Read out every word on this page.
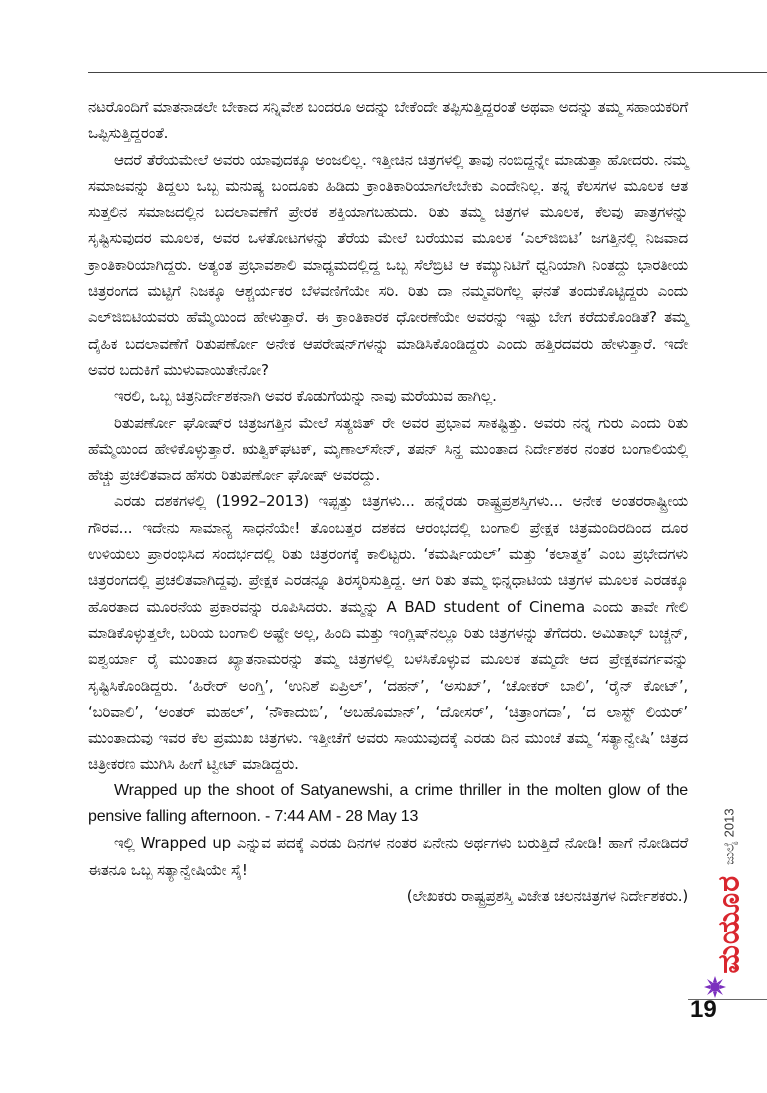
ನಟರೊಂದಿಗೆ ಮಾತನಾಡಲೇ ಬೇಕಾದ ಸನ್ನಿವೇಶ ಬಂದರೂ ಅದನ್ನು ಬೇಕೆಂದೇ ತಪ್ಪಿಸುತ್ತಿದ್ದರಂತೆ ಅಥವಾ ಅದನ್ನು ತಮ್ಮ ಸಹಾಯಕರಿಗೆ ಒಪ್ಪಿಸುತ್ತಿದ್ದರಂತೆ.

ಆದರೆ ತೆರೆಯಮೇಲೆ ಅವರು ಯಾವುದಕ್ಕೂ ಅಂಜಲಿಲ್ಲ. ಇತ್ತೀಚಿನ ಚಿತ್ರಗಳಲ್ಲಿ ತಾವು ನಂಬಿದ್ದನ್ನೇ ಮಾಡುತ್ತಾ ಹೋದರು. ನಮ್ಮ ಸಮಾಜವನ್ನು ತಿದ್ದಲು ಒಬ್ಬ ಮನುಷ್ಯ ಬಂದೂಕು ಹಿಡಿದು ಕ್ರಾಂತಿಕಾರಿಯಾಗಲೇಬೇಕು ಎಂದೇನಿಲ್ಲ. ತನ್ನ ಕೆಲಸಗಳ ಮೂಲಕ ಆತ ಸುತ್ತಲಿನ ಸಮಾಜದಲ್ಲಿನ ಬದಲಾವಣೆಗೆ ಪ್ರೇರಕ ಶಕ್ತಿಯಾಗಬಹುದು. ರಿತು ತಮ್ಮ ಚಿತ್ರಗಳ ಮೂಲಕ, ಕೆಲವು ಪಾತ್ರಗಳನ್ನು ಸೃಷ್ಟಿಸುವುದರ ಮೂಲಕ, ಅವರ ಒಳತೋಟಗಳನ್ನು ತೆರೆಯ ಮೇಲೆ ಬರೆಯುವ ಮೂಲಕ ‘ಎಲ್‌ಜಿಬಿಟಿ’ ಜಗತ್ತಿನಲ್ಲಿ ನಿಜವಾದ ಕ್ರಾಂತಿಕಾರಿಯಾಗಿದ್ದರು. ಅತ್ಯಂತ ಪ್ರಭಾವಶಾಲಿ ಮಾಧ್ಯಮದಲ್ಲಿದ್ದ ಒಬ್ಬ ಸೆಲೆಬ್ರಿಟಿ ಆ ಕಮ್ಯುನಿಟಿಗೆ ಧ್ವನಿಯಾಗಿ ನಿಂತದ್ದು ಭಾರತೀಯ ಚಿತ್ರರಂಗದ ಮಟ್ಟಿಗೆ ನಿಜಕ್ಕೂ ಆಶ್ಚರ್ಯಕರ ಬೆಳವಣಿಗೆಯೇ ಸರಿ. ರಿತು ದಾ ನಮ್ಮವರಿಗೆಲ್ಲ ಘನತೆ ತಂದುಕೊಟ್ಟಿದ್ದರು ಎಂದು ಎಲ್‌ಜಿಬಿಟಿಯವರು ಹೆಮ್ಮೆಯಿಂದ ಹೇಳುತ್ತಾರೆ. ಈ ಕ್ರಾಂತಿಕಾರಕ ಧೋರಣೆಯೇ ಅವರನ್ನು ಇಷ್ಟು ಬೇಗ ಕರೆದುಕೊಂಡಿತೆ? ತಮ್ಮ ದೈಹಿಕ ಬದಲಾವಣೆಗೆ ರಿತುಪರ್ಣೋ ಅನೇಕ ಆಪರೇಷನ್‌ಗಳನ್ನು ಮಾಡಿಸಿಕೊಂಡಿದ್ದರು ಎಂದು ಹತ್ತಿರದವರು ಹೇಳುತ್ತಾರೆ. ಇದೇ ಅವರ ಬದುಕಿಗೆ ಮುಳುವಾಯಿತೇನೋ?

ಇರಲಿ, ಒಬ್ಬ ಚಿತ್ರನಿರ್ದೇಶಕನಾಗಿ ಅವರ ಕೊಡುಗೆಯನ್ನು ನಾವು ಮರೆಯುವ ಹಾಗಿಲ್ಲ.

ರಿತುಪರ್ಣೋ ಘೋಷ್‌ರ ಚಿತ್ರಜಗತ್ತಿನ ಮೇಲೆ ಸತ್ಯಜಿತ್ ರೇ ಅವರ ಪ್ರಭಾವ ಸಾಕಷ್ಟಿತ್ತು. ಅವರು ನನ್ನ ಗುರು ಎಂದು ರಿತು ಹೆಮ್ಮೆಯಿಂದ ಹೇಳಿಕೊಳ್ಳುತ್ತಾರೆ. ಋತ್ವಿಕ್‌ಘಟಕ್, ಮೃಣಾಲ್‌ಸೇನ್, ತಪನ್ ಸಿನ್ಹ ಮುಂತಾದ ನಿರ್ದೇಶಕರ ನಂತರ ಬಂಗಾಲಿಯಲ್ಲಿ ಹೆಚ್ಚು ಪ್ರಚಲಿತವಾದ ಹೆಸರು ರಿತುಪರ್ಣೋ ಘೋಷ್ ಅವರದ್ದು.

ಎರಡು ದಶಕಗಳಲ್ಲಿ (1992–2013) ಇಪ್ಪತ್ತು ಚಿತ್ರಗಳು... ಹನ್ನೆರಡು ರಾಷ್ಟ್ರಪ್ರಶಸ್ತಿಗಳು... ಅನೇಕ ಅಂತರರಾಷ್ಟ್ರೀಯ ಗೌರವ... ಇದೇನು ಸಾಮಾನ್ಯ ಸಾಧನೆಯೇ! ತೊಂಬತ್ತರ ದಶಕದ ಆರಂಭದಲ್ಲಿ ಬಂಗಾಲಿ ಪ್ರೇಕ್ಷಕ ಚಿತ್ರಮಂದಿರದಿಂದ ದೂರ ಉಳಿಯಲು ಪ್ರಾರಂಭಿಸಿದ ಸಂದರ್ಭದಲ್ಲಿ ರಿತು ಚಿತ್ರರಂಗಕ್ಕೆ ಕಾಲಿಟ್ಟರು. ‘ಕಮರ್ಷಿಯಲ್’ ಮತ್ತು ‘ಕಲಾತ್ಮಕ’ ಎಂಬ ಪ್ರಭೇದಗಳು ಚಿತ್ರರಂಗದಲ್ಲಿ ಪ್ರಚಲಿತವಾಗಿದ್ದವು. ಪ್ರೇಕ್ಷಕ ಎರಡನ್ನೂ ತಿರಸ್ಕರಿಸುತ್ತಿದ್ದ. ಆಗ ರಿತು ತಮ್ಮ ಭಿನ್ನಧಾಟಿಯ ಚಿತ್ರಗಳ ಮೂಲಕ ಎರಡಕ್ಕೂ ಹೊರತಾದ ಮೂರನೆಯ ಪ್ರಕಾರವನ್ನು ರೂಪಿಸಿದರು. ತಮ್ಮನ್ನು A BAD student of Cinema ಎಂದು ತಾವೇ ಗೇಲಿ ಮಾಡಿಕೊಳ್ಳುತ್ತಲೇ, ಬರಿಯ ಬಂಗಾಲಿ ಅಷ್ಟೇ ಅಲ್ಲ, ಹಿಂದಿ ಮತ್ತು ಇಂಗ್ಲಿಷ್‌ನಲ್ಲೂ ರಿತು ಚಿತ್ರಗಳನ್ನು ತೆಗೆದರು. ಅಮಿತಾಭ್ ಬಚ್ಚನ್, ಐಶ್ವರ್ಯಾ ರೈ ಮುಂತಾದ ಖ್ಯಾತನಾಮರನ್ನು ತಮ್ಮ ಚಿತ್ರಗಳಲ್ಲಿ ಬಳಸಿಕೊಳ್ಳುವ ಮೂಲಕ ತಮ್ಮದೇ ಆದ ಪ್ರೇಕ್ಷಕವರ್ಗವನ್ನು ಸೃಷ್ಟಿಸಿಕೊಂಡಿದ್ದರು. ‘ಹಿರೇರ್ ಅಂಗ್ತಿ’, ‘ಉನಿಶೆ ಏಪ್ರಿಲ್’, ‘ದಹನ್’, ‘ಅಸುಖ್’, ‘ಚೋಕರ್ ಬಾಲಿ’, ‘ರೈನ್ ಕೋಟ್’, ‘ಬರಿವಾಲಿ’, ‘ಅಂತರ್ ಮಹಲ್’, ‘ನೌಕಾದುಬಿ’, ‘ಅಬಹೊಮಾನ್’, ‘ದೋಸರ್’, ‘ಚಿತ್ರಾಂಗದಾ’, ‘ದ ಲಾಸ್ಟ್ ಲಿಯರ್’ ಮುಂತಾದುವು ಇವರ ಕೆಲ ಪ್ರಮುಖ ಚಿತ್ರಗಳು. ಇತ್ತೀಚೆಗೆ ಅವರು ಸಾಯುವುದಕ್ಕೆ ಎರಡು ದಿನ ಮುಂಚೆ ತಮ್ಮ ‘ಸತ್ಯಾನ್ವೇಷಿ’ ಚಿತ್ರದ ಚಿತ್ರೀಕರಣ ಮುಗಿಸಿ ಹೀಗೆ ಟ್ವೀಟ್ ಮಾಡಿದ್ದರು.

Wrapped up the shoot of Satyanewshi, a crime thriller in the molten glow of the pensive falling afternoon. - 7:44 AM - 28 May 13

ಇಲ್ಲಿ Wrapped up ಎನ್ನುವ ಪದಕ್ಕೆ ಎರಡು ದಿನಗಳ ನಂತರ ಏನೇನು ಅರ್ಥಗಳು ಬರುತ್ತಿದೆ ನೋಡಿ! ಹಾಗೆ ನೋಡಿದರೆ ಈತನೂ ಒಬ್ಬ ಸತ್ಯಾನ್ವೇಷಿಯೇ ಸೈ!

(ಲೇಖಕರು ರಾಷ್ಟ್ರಪ್ರಶಸ್ತಿ ವಿಜೇತ ಚಲನಚಿತ್ರಗಳ ನಿರ್ದೇಶಕರು.) ಮಯೂರ
ಜುಲೈ 2013
19
